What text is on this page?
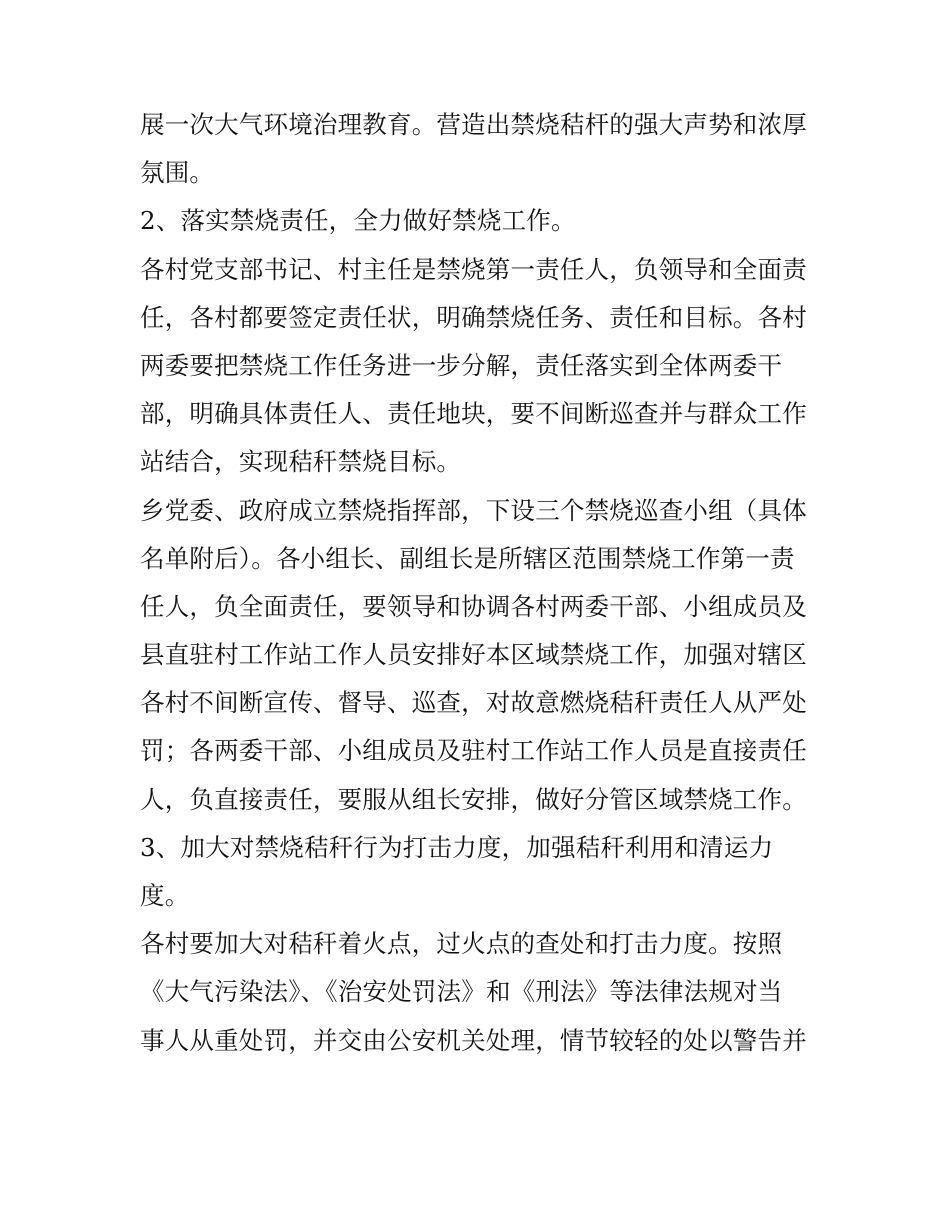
展一次大气环境治理教育。营造出禁烧秸杆的强大声势和浓厚
氛围。
2、落实禁烧责任，全力做好禁烧工作。
各村党支部书记、村主任是禁烧第一责任人，负领导和全面责
任，各村都要签定责任状，明确禁烧任务、责任和目标。各村
两委要把禁烧工作任务进一步分解，责任落实到全体两委干
部，明确具体责任人、责任地块，要不间断巡查并与群众工作
站结合，实现秸秆禁烧目标。
乡党委、政府成立禁烧指挥部，下设三个禁烧巡查小组（具体
名单附后）。各小组长、副组长是所辖区范围禁烧工作第一责
任人，负全面责任，要领导和协调各村两委干部、小组成员及
县直驻村工作站工作人员安排好本区域禁烧工作，加强对辖区
各村不间断宣传、督导、巡查，对故意燃烧秸秆责任人从严处
罚；各两委干部、小组成员及驻村工作站工作人员是直接责任
人，负直接责任，要服从组长安排，做好分管区域禁烧工作。
3、加大对禁烧秸秆行为打击力度，加强秸秆利用和清运力
度。
各村要加大对秸秆着火点，过火点的查处和打击力度。按照
《大气污染法》、《治安处罚法》和《刑法》等法律法规对当
事人从重处罚，并交由公安机关处理，情节较轻的处以警告并
